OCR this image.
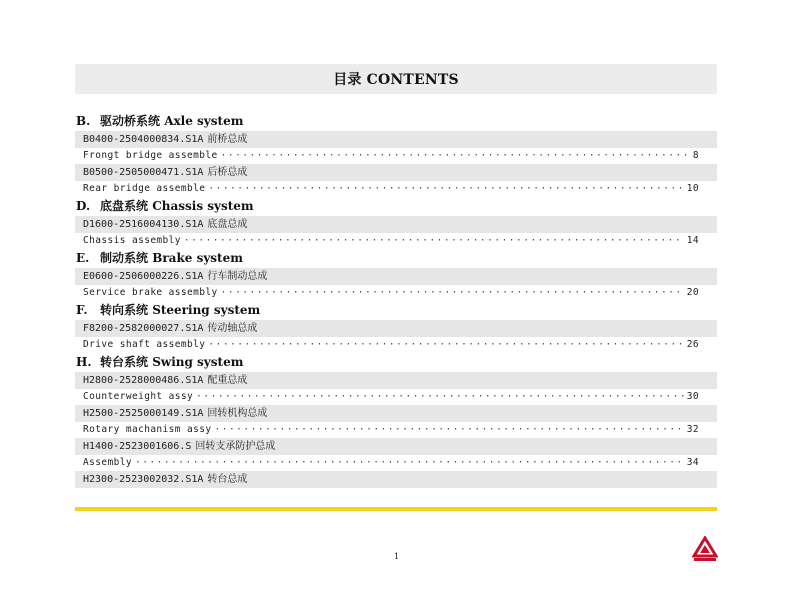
目录 CONTENTS
B. 驱动桥系统 Axle system
B0400-2504000834.S1A 前桥总成
Frongt bridge assemble ·····	8
B0500-2505000471.S1A 后桥总成
Rear bridge assemble ·····	10
D. 底盘系统 Chassis system
D1600-2516004130.S1A 底盘总成
Chassis assembly ·····	14
E. 制动系统 Brake system
E0600-2506000226.S1A 行车制动总成
Service brake assembly ·····	20
F. 转向系统 Steering system
F8200-2582000027.S1A 传动轴总成
Drive shaft assembly ·····	26
H. 转台系统 Swing system
H2800-2528000486.S1A 配重总成
Counterweight assy ·····	30
H2500-2525000149.S1A 回转机构总成
Rotary machanism assy ·····	32
H1400-2523001606.S 回转支承防护总成
Assembly ·····	34
H2300-2523002032.S1A 转台总成
1
